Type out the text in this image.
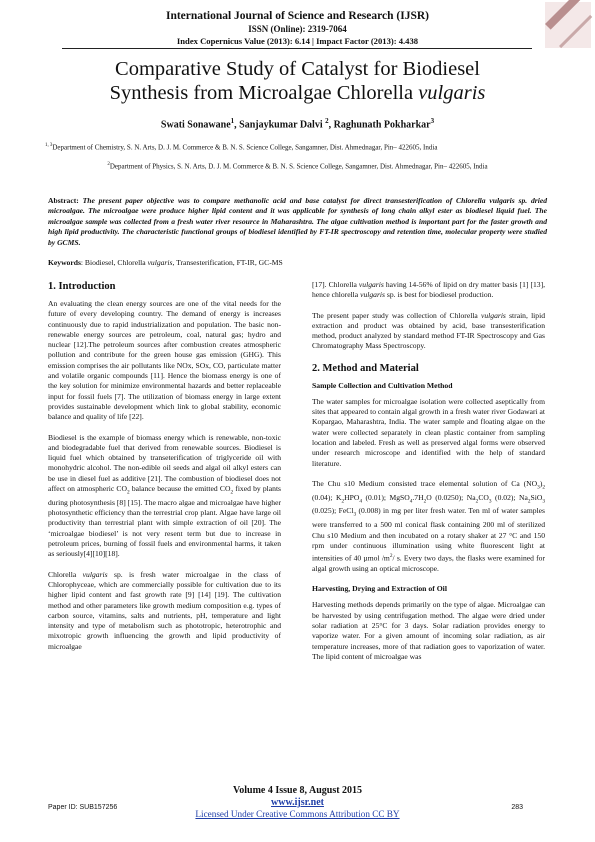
International Journal of Science and Research (IJSR)
ISSN (Online): 2319-7064
Index Copernicus Value (2013): 6.14 | Impact Factor (2013): 4.438
Comparative Study of Catalyst for Biodiesel
Synthesis from Microalgae Chlorella vulgaris
Swati Sonawane$^1$, Sanjaykumar Dalvi $^2$, Raghunath Pokharkar$^3$
$^{1, 3}$Department of Chemistry, S. N. Arts, D. J. M. Commerce & B. N. S. Science College, Sangamner, Dist. Ahmednagar, Pin– 422605, India
$^2$Department of Physics, S. N. Arts, D. J. M. Commerce & B. N. S. Science College, Sangamner, Dist. Ahmednagar, Pin– 422605, India
Abstract: The present paper objective was to compare methanolic acid and base catalyst for direct transesterification of Chlorella vulgaris sp. dried microalgae. The microalgae were produce higher lipid content and it was applicable for synthesis of long chain alkyl ester as biodiesel liquid fuel. The microalgae sample was collected from a fresh water river resource in Maharashtra. The algae cultivation method is important part for the faster growth and high lipid productivity. The characteristic functional groups of biodiesel identified by FT-IR spectroscopy and retention time, molecular property were studied by GCMS.
Keywords: Biodiesel, Chlorella vulgaris, Transesterification, FT-IR, GC-MS
1. Introduction

An evaluating the clean energy sources are one of the vital needs for the future of every developing country. The demand of energy is increases continuously due to rapid industrialization and population. The basic non-renewable energy sources are petroleum, coal, natural gas; hydro and nuclear [12].The petroleum sources after combustion creates atmospheric pollution and contribute for the green house gas emission (GHG). This emission comprises the air pollutants like NOx, SOx, CO, particulate matter and volatile organic compounds [11]. Hence the biomass energy is one of the key solution for minimize environmental hazards and better replaceable input for fossil fuels [7]. The utilization of biomass energy in large extent provides sustainable development which link to global stability, economic balance and quality of life [22].

Biodiesel is the example of biomass energy which is renewable, non-toxic and biodegradable fuel that derived from renewable sources. Biodiesel is liquid fuel which obtained by transeterification of triglyceride oil with monohydric alcohol. The non-edible oil seeds and algal oil alkyl esters can be use in diesel fuel as additive [21]. The combustion of biodiesel does not affect on atmospheric $CO_2$ balance because the emitted $CO_2$ fixed by plants during photosynthesis [8] [15]. The macro algae and microalgae have higher photosynthetic efficiency than the terrestrial crop plant. Algae have large oil productivity than terrestrial plant with simple extraction of oil [20]. The ‘microalgae biodiesel’ is not very resent term but due to increase in petroleum prices, burning of fossil fuels and environmental harms, it taken as seriously[4][10][18].

Chlorella vulgaris sp. is fresh water microalgae in the class of Chlorophyceae, which are commercially possible for cultivation due to its higher lipid content and fast growth rate [9] [14] [19]. The cultivation method and other parameters like growth medium composition e.g. types of carbon source, vitamins, salts and nutrients, pH, temperature and light intensity and type of metabolism such as phototropic, heterotrophic and mixotropic growth influencing the growth and lipid productivity of microalgae

[17]. Chlorella vulgaris having 14-56% of lipid on dry matter basis [1] [13], hence chlorella vulgaris sp. is best for biodiesel production.

The present paper study was collection of Chlorella vulgaris strain, lipid extraction and product was obtained by acid, base transesterification method, product analyzed by standard method FT-IR Spectroscopy and Gas Chromatography Mass Spectroscopy.

2. Method and Material
Sample Collection and Cultivation Method

The water samples for microalgae isolation were collected aseptically from sites that appeared to contain algal growth in a fresh water river Godawari at Kopargao, Maharashtra, India. The water sample and floating algae on the water were collected separately in clean plastic container from sampling location and labeled. Fresh as well as preserved algal forms were observed under research microscope and identified with the help of standard literature.

The Chu s10 Medium consisted trace elemental solution of Ca $(NO_3)_2$ (0.04); $K_2HPO_4$ (0.01); $MgSO_4.7H_2O$ (0.0250); $Na_2CO_3$ (0.02); $Na_2SiO_3$ (0.025); FeCl$_3$ (0.008) in mg per liter fresh water. Ten ml of water samples were transferred to a 500 ml conical flask containing 200 ml of sterilized Chu s10 Medium and then incubated on a rotary shaker at 27 °C and 150 rpm under continuous illumination using white fluorescent light at intensities of 40 µmol $/m^2/$ s. Every two days, the flasks were examined for algal growth using an optical microscope.

Harvesting, Drying and Extraction of Oil

Harvesting methods depends primarily on the type of algae. Microalgae can be harvested by using centrifugation method. The algae were dried under solar radiation at 25°C for 3 days. Solar radiation provides energy to vaporize water. For a given amount of incoming solar radiation, as air temperature increases, more of that radiation goes to vaporization of water. The lipid content of microalgae was

Volume 4 Issue 8, August 2015
www.ijsr.net
Licensed Under Creative Commons Attribution CC BY
Paper ID: SUB157256	283
